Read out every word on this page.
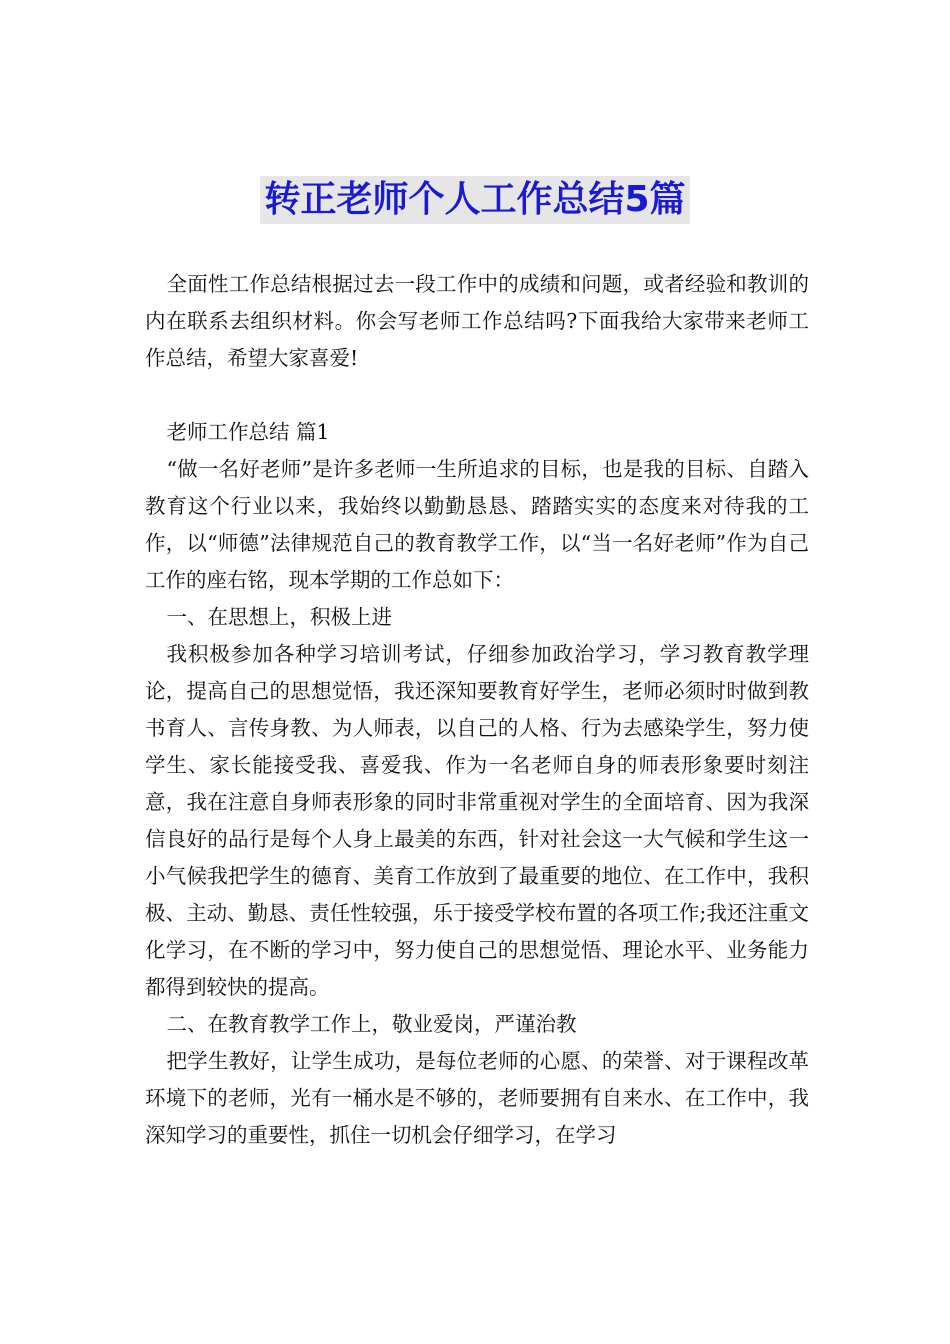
转正老师个人工作总结5篇

全面性工作总结根据过去一段工作中的成绩和问题，或者经验和教训的内在联系去组织材料。你会写老师工作总结吗?下面我给大家带来老师工作总结，希望大家喜爱!

老师工作总结 篇1

“做一名好老师”是许多老师一生所追求的目标，也是我的目标、自踏入教育这个行业以来，我始终以勤勤恳恳、踏踏实实的态度来对待我的工作，以“师德”法律规范自己的教育教学工作，以“当一名好老师”作为自己工作的座右铭，现本学期的工作总如下：

一、在思想上，积极上进

我积极参加各种学习培训考试，仔细参加政治学习，学习教育教学理论，提高自己的思想觉悟，我还深知要教育好学生，老师必须时时做到教书育人、言传身教、为人师表，以自己的人格、行为去感染学生，努力使学生、家长能接受我、喜爱我、作为一名老师自身的师表形象要时刻注意，我在注意自身师表形象的同时非常重视对学生的全面培育、因为我深信良好的品行是每个人身上最美的东西，针对社会这一大气候和学生这一小气候我把学生的德育、美育工作放到了最重要的地位、在工作中，我积极、主动、勤恳、责任性较强，乐于接受学校布置的各项工作;我还注重文化学习，在不断的学习中，努力使自己的思想觉悟、理论水平、业务能力都得到较快的提高。

二、在教育教学工作上，敬业爱岗，严谨治教

把学生教好，让学生成功，是每位老师的心愿、的荣誉、对于课程改革环境下的老师，光有一桶水是不够的，老师要拥有自来水、在工作中，我深知学习的重要性，抓住一切机会仔细学习，在学习
